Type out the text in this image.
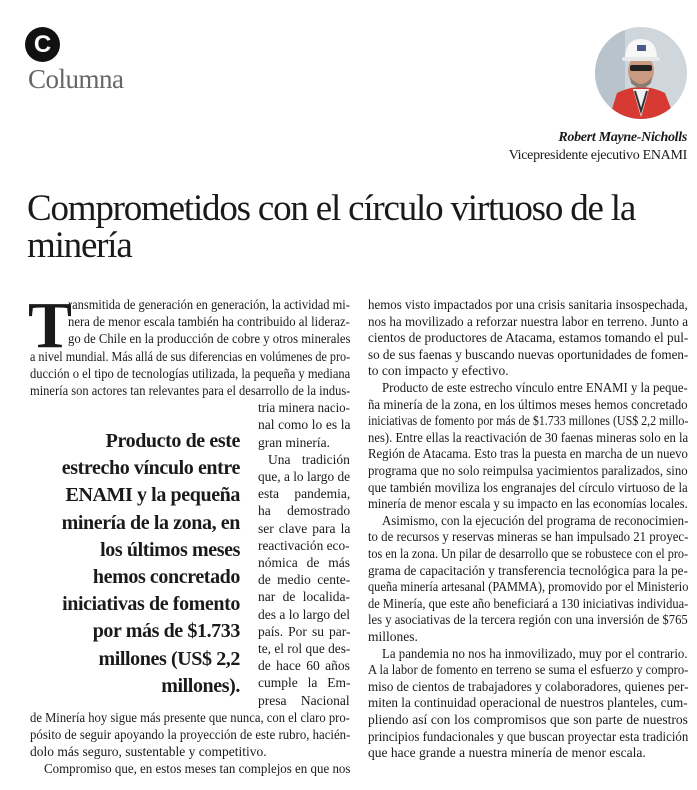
C
Columna
Robert Mayne-Nicholls
Vicepresidente ejecutivo ENAMI
Comprometidos con el círculo virtuoso de la
minería
T
ransmitida de generación en generación, la actividad mi-
nera de menor escala también ha contribuido al lideraz-
go de Chile en la producción de cobre y otros minerales
a nivel mundial. Más allá de sus diferencias en volúmenes de pro-
ducción o el tipo de tecnologías utilizada, la pequeña y mediana
minería son actores tan relevantes para el desarrollo de la indus-
tria minera nacio-
nal como lo es la
gran minería.
Una tradición
que, a lo largo de
esta pandemia,
ha demostrado
ser clave para la
reactivación eco-
nómica de más
de medio cente-
nar de localida-
des a lo largo del
país. Por su par-
te, el rol que des-
de hace 60 años
cumple la Em-
presa Nacional
de Minería hoy sigue más presente que nunca, con el claro pro-
pósito de seguir apoyando la proyección de este rubro, hacién-
dolo más seguro, sustentable y competitivo.
Compromiso que, en estos meses tan complejos en que nos
Producto de este
estrecho vínculo entre
ENAMI y la pequeña
minería de la zona, en
los últimos meses
hemos concretado
iniciativas de fomento
por más de $1.733
millones (US$ 2,2
millones).
hemos visto impactados por una crisis sanitaria insospechada,
nos ha movilizado a reforzar nuestra labor en terreno. Junto a
cientos de productores de Atacama, estamos tomando el pul-
so de sus faenas y buscando nuevas oportunidades de fomen-
to con impacto y efectivo.
Producto de este estrecho vínculo entre ENAMI y la peque-
ña minería de la zona, en los últimos meses hemos concretado
iniciativas de fomento por más de $1.733 millones (US$ 2,2 millo-
nes). Entre ellas la reactivación de 30 faenas mineras solo en la
Región de Atacama. Esto tras la puesta en marcha de un nuevo
programa que no solo reimpulsa yacimientos paralizados, sino
que también moviliza los engranajes del círculo virtuoso de la
minería de menor escala y su impacto en las economías locales.
Asimismo, con la ejecución del programa de reconocimien-
to de recursos y reservas mineras se han impulsado 21 proyec-
tos en la zona. Un pilar de desarrollo que se robustece con el pro-
grama de capacitación y transferencia tecnológica para la pe-
queña minería artesanal (PAMMA), promovido por el Ministerio
de Minería, que este año beneficiará a 130 iniciativas individua-
les y asociativas de la tercera región con una inversión de $765
millones.
La pandemia no nos ha inmovilizado, muy por el contrario.
A la labor de fomento en terreno se suma el esfuerzo y compro-
miso de cientos de trabajadores y colaboradores, quienes per-
miten la continuidad operacional de nuestros planteles, cum-
pliendo así con los compromisos que son parte de nuestros
principios fundacionales y que buscan proyectar esta tradición
que hace grande a nuestra minería de menor escala.
